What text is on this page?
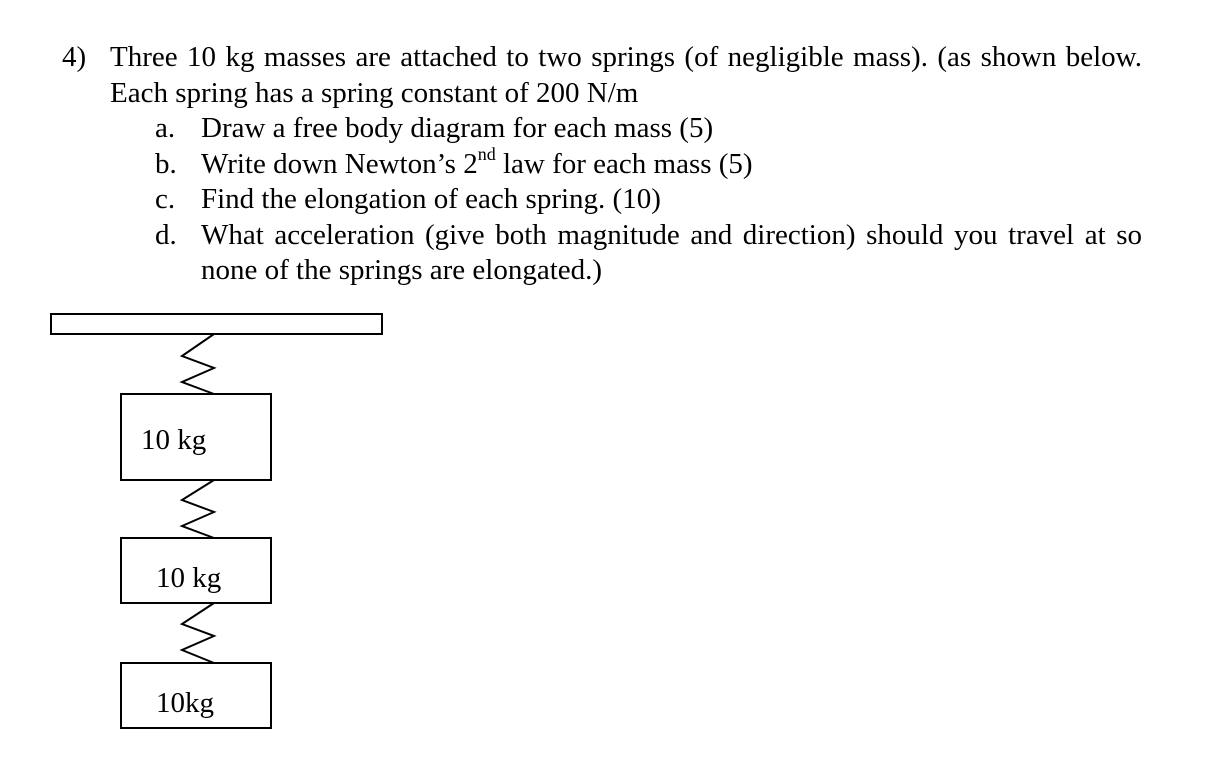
4) Three 10 kg masses are attached to two springs (of negligible mass). (as shown below. Each spring has a spring constant of 200 N/m
a. Draw a free body diagram for each mass (5)
b. Write down Newton’s 2nd law for each mass (5)
c. Find the elongation of each spring. (10)
d. What acceleration (give both magnitude and direction) should you travel at so none of the springs are elongated.)
10 kg
10 kg
10kg
